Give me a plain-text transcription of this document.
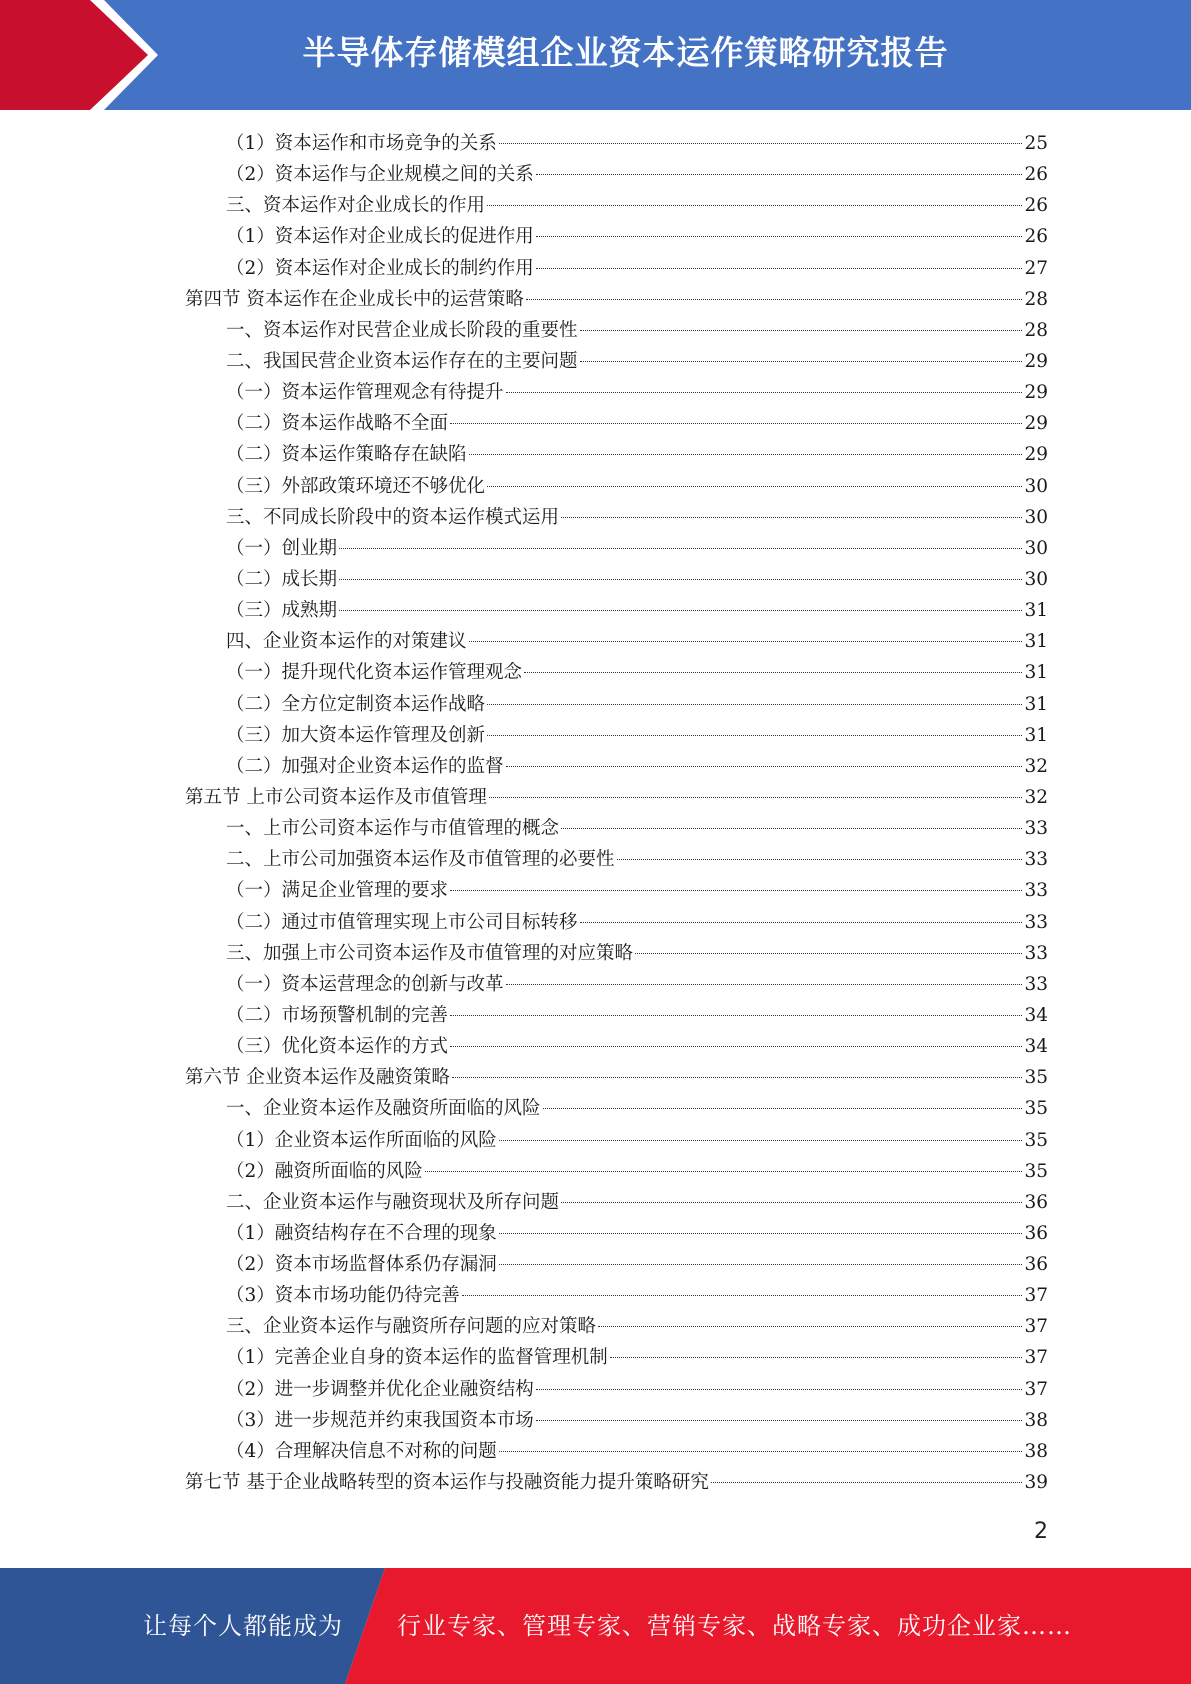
半导体存储模组企业资本运作策略研究报告
（1）资本运作和市场竞争的关系	25
（2）资本运作与企业规模之间的关系	26
三、资本运作对企业成长的作用	26
（1）资本运作对企业成长的促进作用	26
（2）资本运作对企业成长的制约作用	27
第四节 资本运作在企业成长中的运营策略	28
一、资本运作对民营企业成长阶段的重要性	28
二、我国民营企业资本运作存在的主要问题	29
（一）资本运作管理观念有待提升	29
（二）资本运作战略不全面	29
（二）资本运作策略存在缺陷	29
（三）外部政策环境还不够优化	30
三、不同成长阶段中的资本运作模式运用	30
（一）创业期	30
（二）成长期	30
（三）成熟期	31
四、企业资本运作的对策建议	31
（一）提升现代化资本运作管理观念	31
（二）全方位定制资本运作战略	31
（三）加大资本运作管理及创新	31
（二）加强对企业资本运作的监督	32
第五节 上市公司资本运作及市值管理	32
一、上市公司资本运作与市值管理的概念	33
二、上市公司加强资本运作及市值管理的必要性	33
（一）满足企业管理的要求	33
（二）通过市值管理实现上市公司目标转移	33
三、加强上市公司资本运作及市值管理的对应策略	33
（一）资本运营理念的创新与改革	33
（二）市场预警机制的完善	34
（三）优化资本运作的方式	34
第六节 企业资本运作及融资策略	35
一、企业资本运作及融资所面临的风险	35
（1）企业资本运作所面临的风险	35
（2）融资所面临的风险	35
二、企业资本运作与融资现状及所存问题	36
（1）融资结构存在不合理的现象	36
（2）资本市场监督体系仍存漏洞	36
（3）资本市场功能仍待完善	37
三、企业资本运作与融资所存问题的应对策略	37
（1）完善企业自身的资本运作的监督管理机制	37
（2）进一步调整并优化企业融资结构	37
（3）进一步规范并约束我国资本市场	38
（4）合理解决信息不对称的问题	38
第七节 基于企业战略转型的资本运作与投融资能力提升策略研究	39
2
让每个人都能成为 行业专家、管理专家、营销专家、战略专家、成功企业家……
